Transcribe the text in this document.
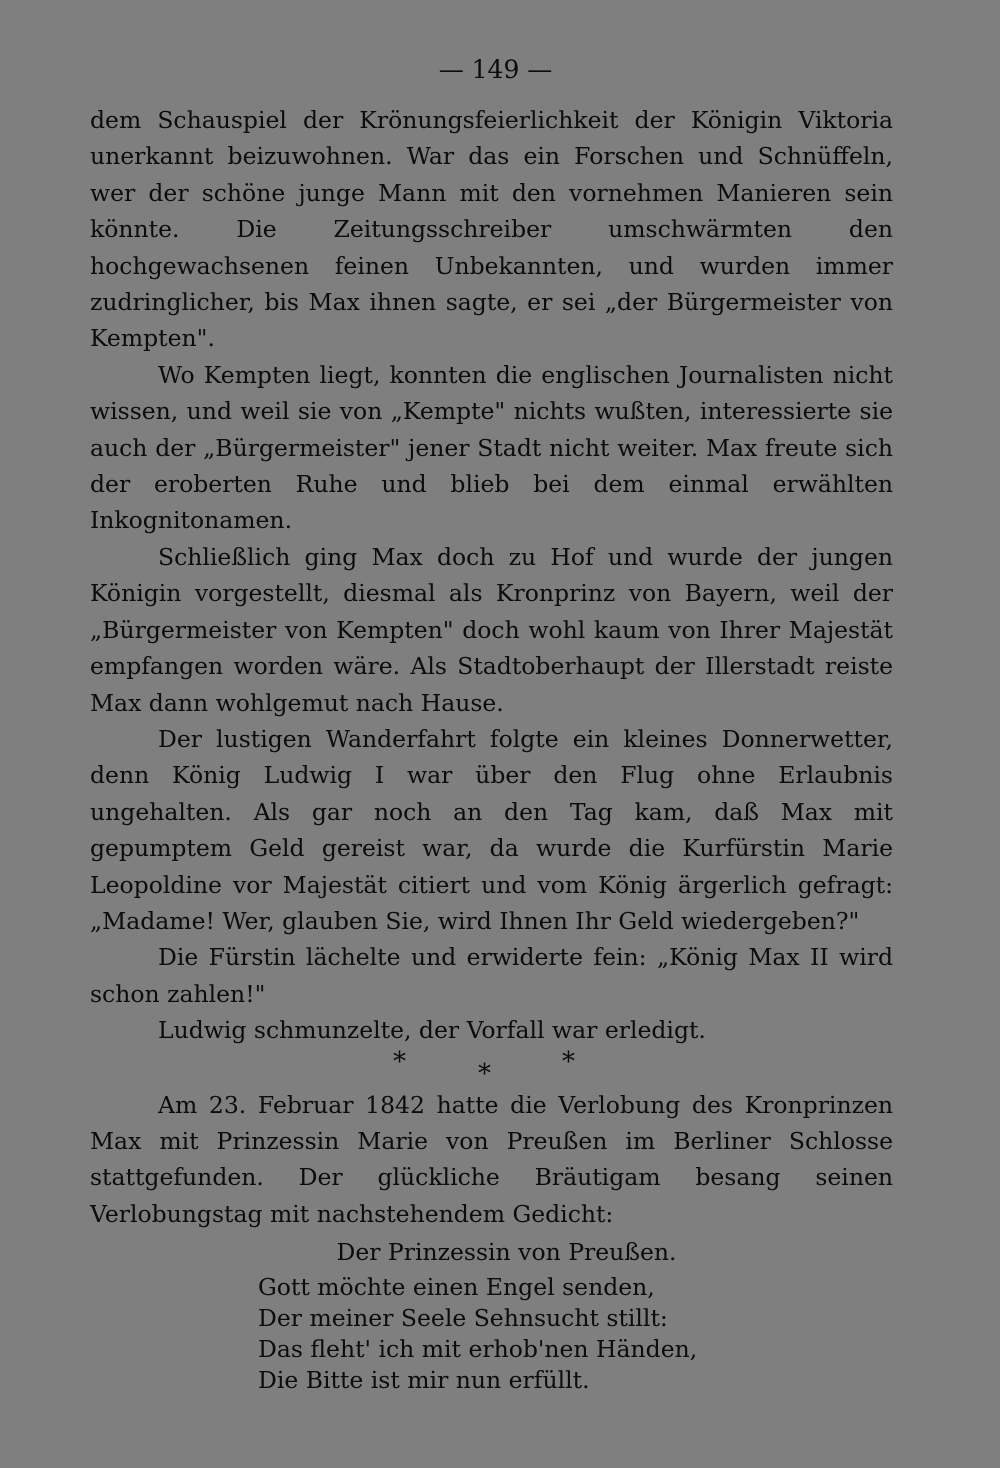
— 149 —

dem Schauspiel der Krönungsfeierlichkeit der Königin Viktoria unerkannt beizuwohnen. War das ein Forschen und Schnüffeln, wer der schöne junge Mann mit den vornehmen Manieren sein könnte. Die Zeitungsschreiber umschwärmten den hochgewachsenen feinen Unbekannten, und wurden immer zudringlicher, bis Max ihnen sagte, er sei „der Bürgermeister von Kempten".

Wo Kempten liegt, konnten die englischen Journalisten nicht wissen, und weil sie von „Kempte" nichts wußten, interessierte sie auch der „Bürgermeister" jener Stadt nicht weiter. Max freute sich der eroberten Ruhe und blieb bei dem einmal erwählten Inkognitonamen.

Schließlich ging Max doch zu Hof und wurde der jungen Königin vorgestellt, diesmal als Kronprinz von Bayern, weil der „Bürgermeister von Kempten" doch wohl kaum von Ihrer Majestät empfangen worden wäre. Als Stadtoberhaupt der Illerstadt reiste Max dann wohlgemut nach Hause.

Der lustigen Wanderfahrt folgte ein kleines Donnerwetter, denn König Ludwig I war über den Flug ohne Erlaubnis ungehalten. Als gar noch an den Tag kam, daß Max mit gepumptem Geld gereist war, da wurde die Kurfürstin Marie Leopoldine vor Majestät citiert und vom König ärgerlich gefragt: „Madame! Wer, glauben Sie, wird Ihnen Ihr Geld wiedergeben?"

Die Fürstin lächelte und erwiderte fein: „König Max II wird schon zahlen!"

Ludwig schmunzelte, der Vorfall war erledigt.

*	*	*

Am 23. Februar 1842 hatte die Verlobung des Kronprinzen Max mit Prinzessin Marie von Preußen im Berliner Schlosse stattgefunden. Der glückliche Bräutigam besang seinen Verlobungstag mit nachstehendem Gedicht:

Der Prinzessin von Preußen.
Gott möchte einen Engel senden,
Der meiner Seele Sehnsucht stillt:
Das fleht' ich mit erhob'nen Händen,
Die Bitte ist mir nun erfüllt.
